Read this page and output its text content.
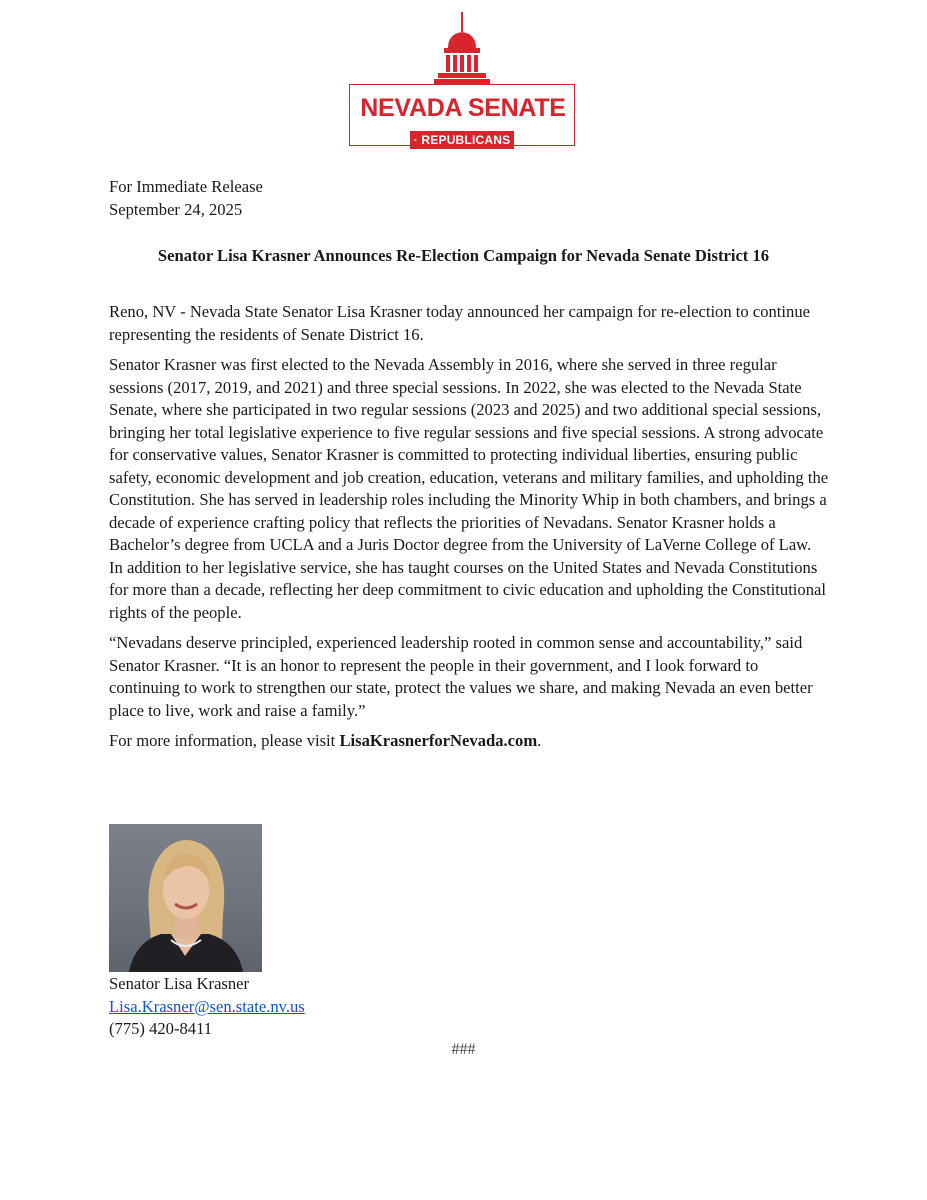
NEVADA SENATE
· REPUBLICANS ·
For Immediate Release
September 24, 2025
Senator Lisa Krasner Announces Re-Election Campaign for Nevada Senate District 16

Reno, NV - Nevada State Senator Lisa Krasner today announced her campaign for re-election to continue representing the residents of Senate District 16.

Senator Krasner was first elected to the Nevada Assembly in 2016, where she served in three regular sessions (2017, 2019, and 2021) and three special sessions. In 2022, she was elected to the Nevada State Senate, where she participated in two regular sessions (2023 and 2025) and two additional special sessions, bringing her total legislative experience to five regular sessions and five special sessions. A strong advocate for conservative values, Senator Krasner is committed to protecting individual liberties, ensuring public safety, economic development and job creation, education, veterans and military families, and upholding the Constitution. She has served in leadership roles including the Minority Whip in both chambers, and brings a decade of experience crafting policy that reflects the priorities of Nevadans. Senator Krasner holds a Bachelor’s degree from UCLA and a Juris Doctor degree from the University of LaVerne College of Law. In addition to her legislative service, she has taught courses on the United States and Nevada Constitutions for more than a decade, reflecting her deep commitment to civic education and upholding the Constitutional rights of the people.

“Nevadans deserve principled, experienced leadership rooted in common sense and accountability,” said Senator Krasner. “It is an honor to represent the people in their government, and I look forward to continuing to work to strengthen our state, protect the values we share, and making Nevada an even better place to live, work and raise a family.”

For more information, please visit LisaKrasnerforNevada.com.

Senator Lisa Krasner
Lisa.Krasner@sen.state.nv.us
(775) 420-8411
###
